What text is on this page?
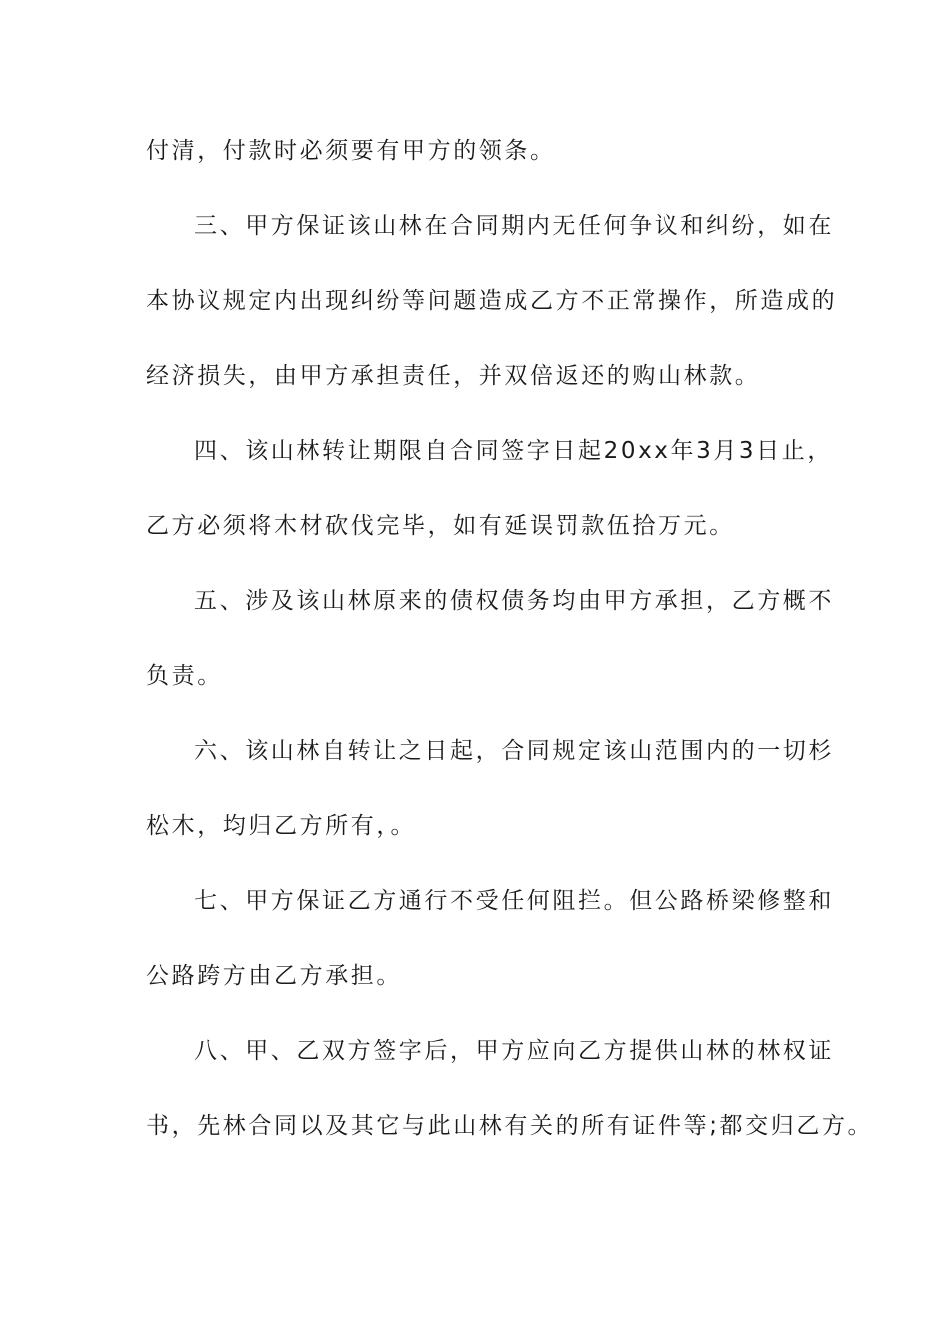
付清，付款时必须要有甲方的领条。
三、甲方保证该山林在合同期内无任何争议和纠纷，如在
本协议规定内出现纠纷等问题造成乙方不正常操作，所造成的
经济损失，由甲方承担责任，并双倍返还的购山林款。
四、该山林转让期限自合同签字日起20xx年3月3日止，
乙方必须将木材砍伐完毕，如有延误罚款伍拾万元。
五、涉及该山林原来的债权债务均由甲方承担，乙方概不
负责。
六、该山林自转让之日起，合同规定该山范围内的一切杉
松木，均归乙方所有，。
七、甲方保证乙方通行不受任何阻拦。但公路桥梁修整和
公路跨方由乙方承担。
八、甲、乙双方签字后，甲方应向乙方提供山林的林权证
书，先林合同以及其它与此山林有关的所有证件等;都交归乙方。
